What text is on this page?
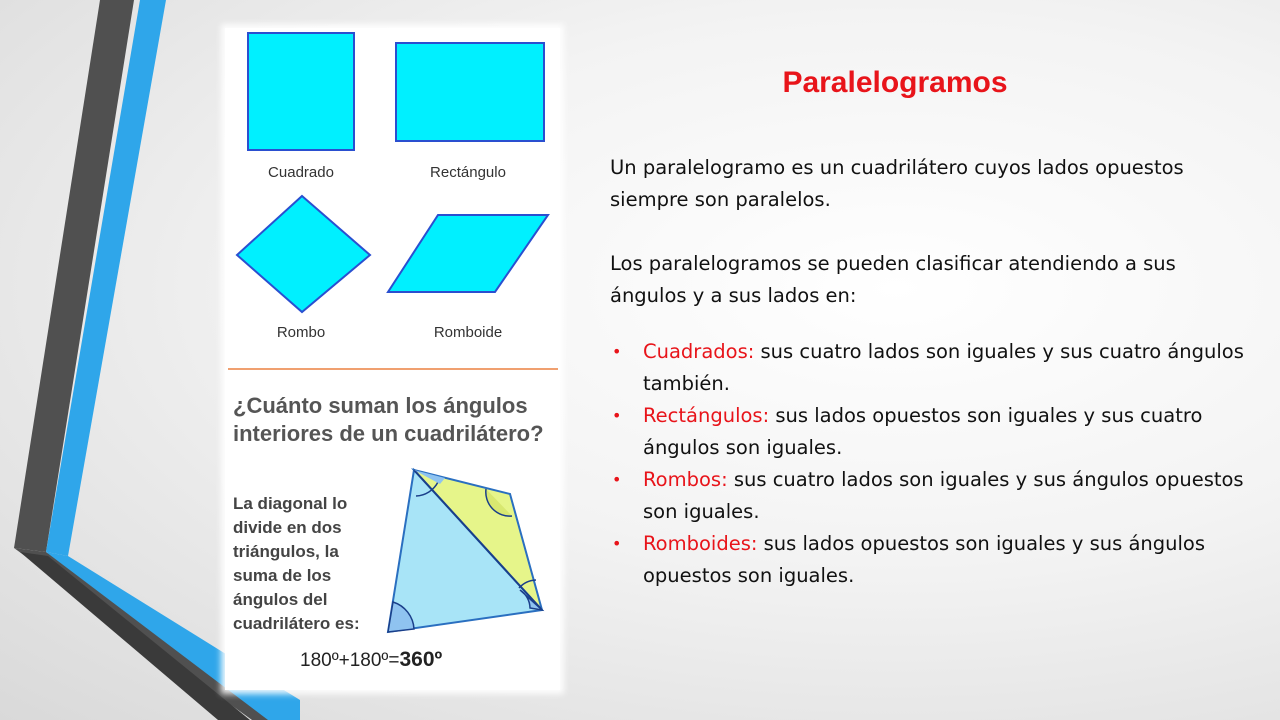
Cuadrado	Rectángulo
Rombo	Romboide
¿Cuánto suman los ángulos interiores de un cuadrilátero?
La diagonal lo divide en dos triángulos, la suma de los ángulos del cuadrilátero es:
180º+180º=360º
Paralelogramos
Un paralelogramo es un cuadrilátero cuyos lados opuestos siempre son paralelos.
Los paralelogramos se pueden clasificar atendiendo a sus ángulos y a sus lados en:
• Cuadrados: sus cuatro lados son iguales y sus cuatro ángulos también.
• Rectángulos: sus lados opuestos son iguales y sus cuatro ángulos son iguales.
• Rombos: sus cuatro lados son iguales y sus ángulos opuestos son iguales.
• Romboides: sus lados opuestos son iguales y sus ángulos opuestos son iguales.
